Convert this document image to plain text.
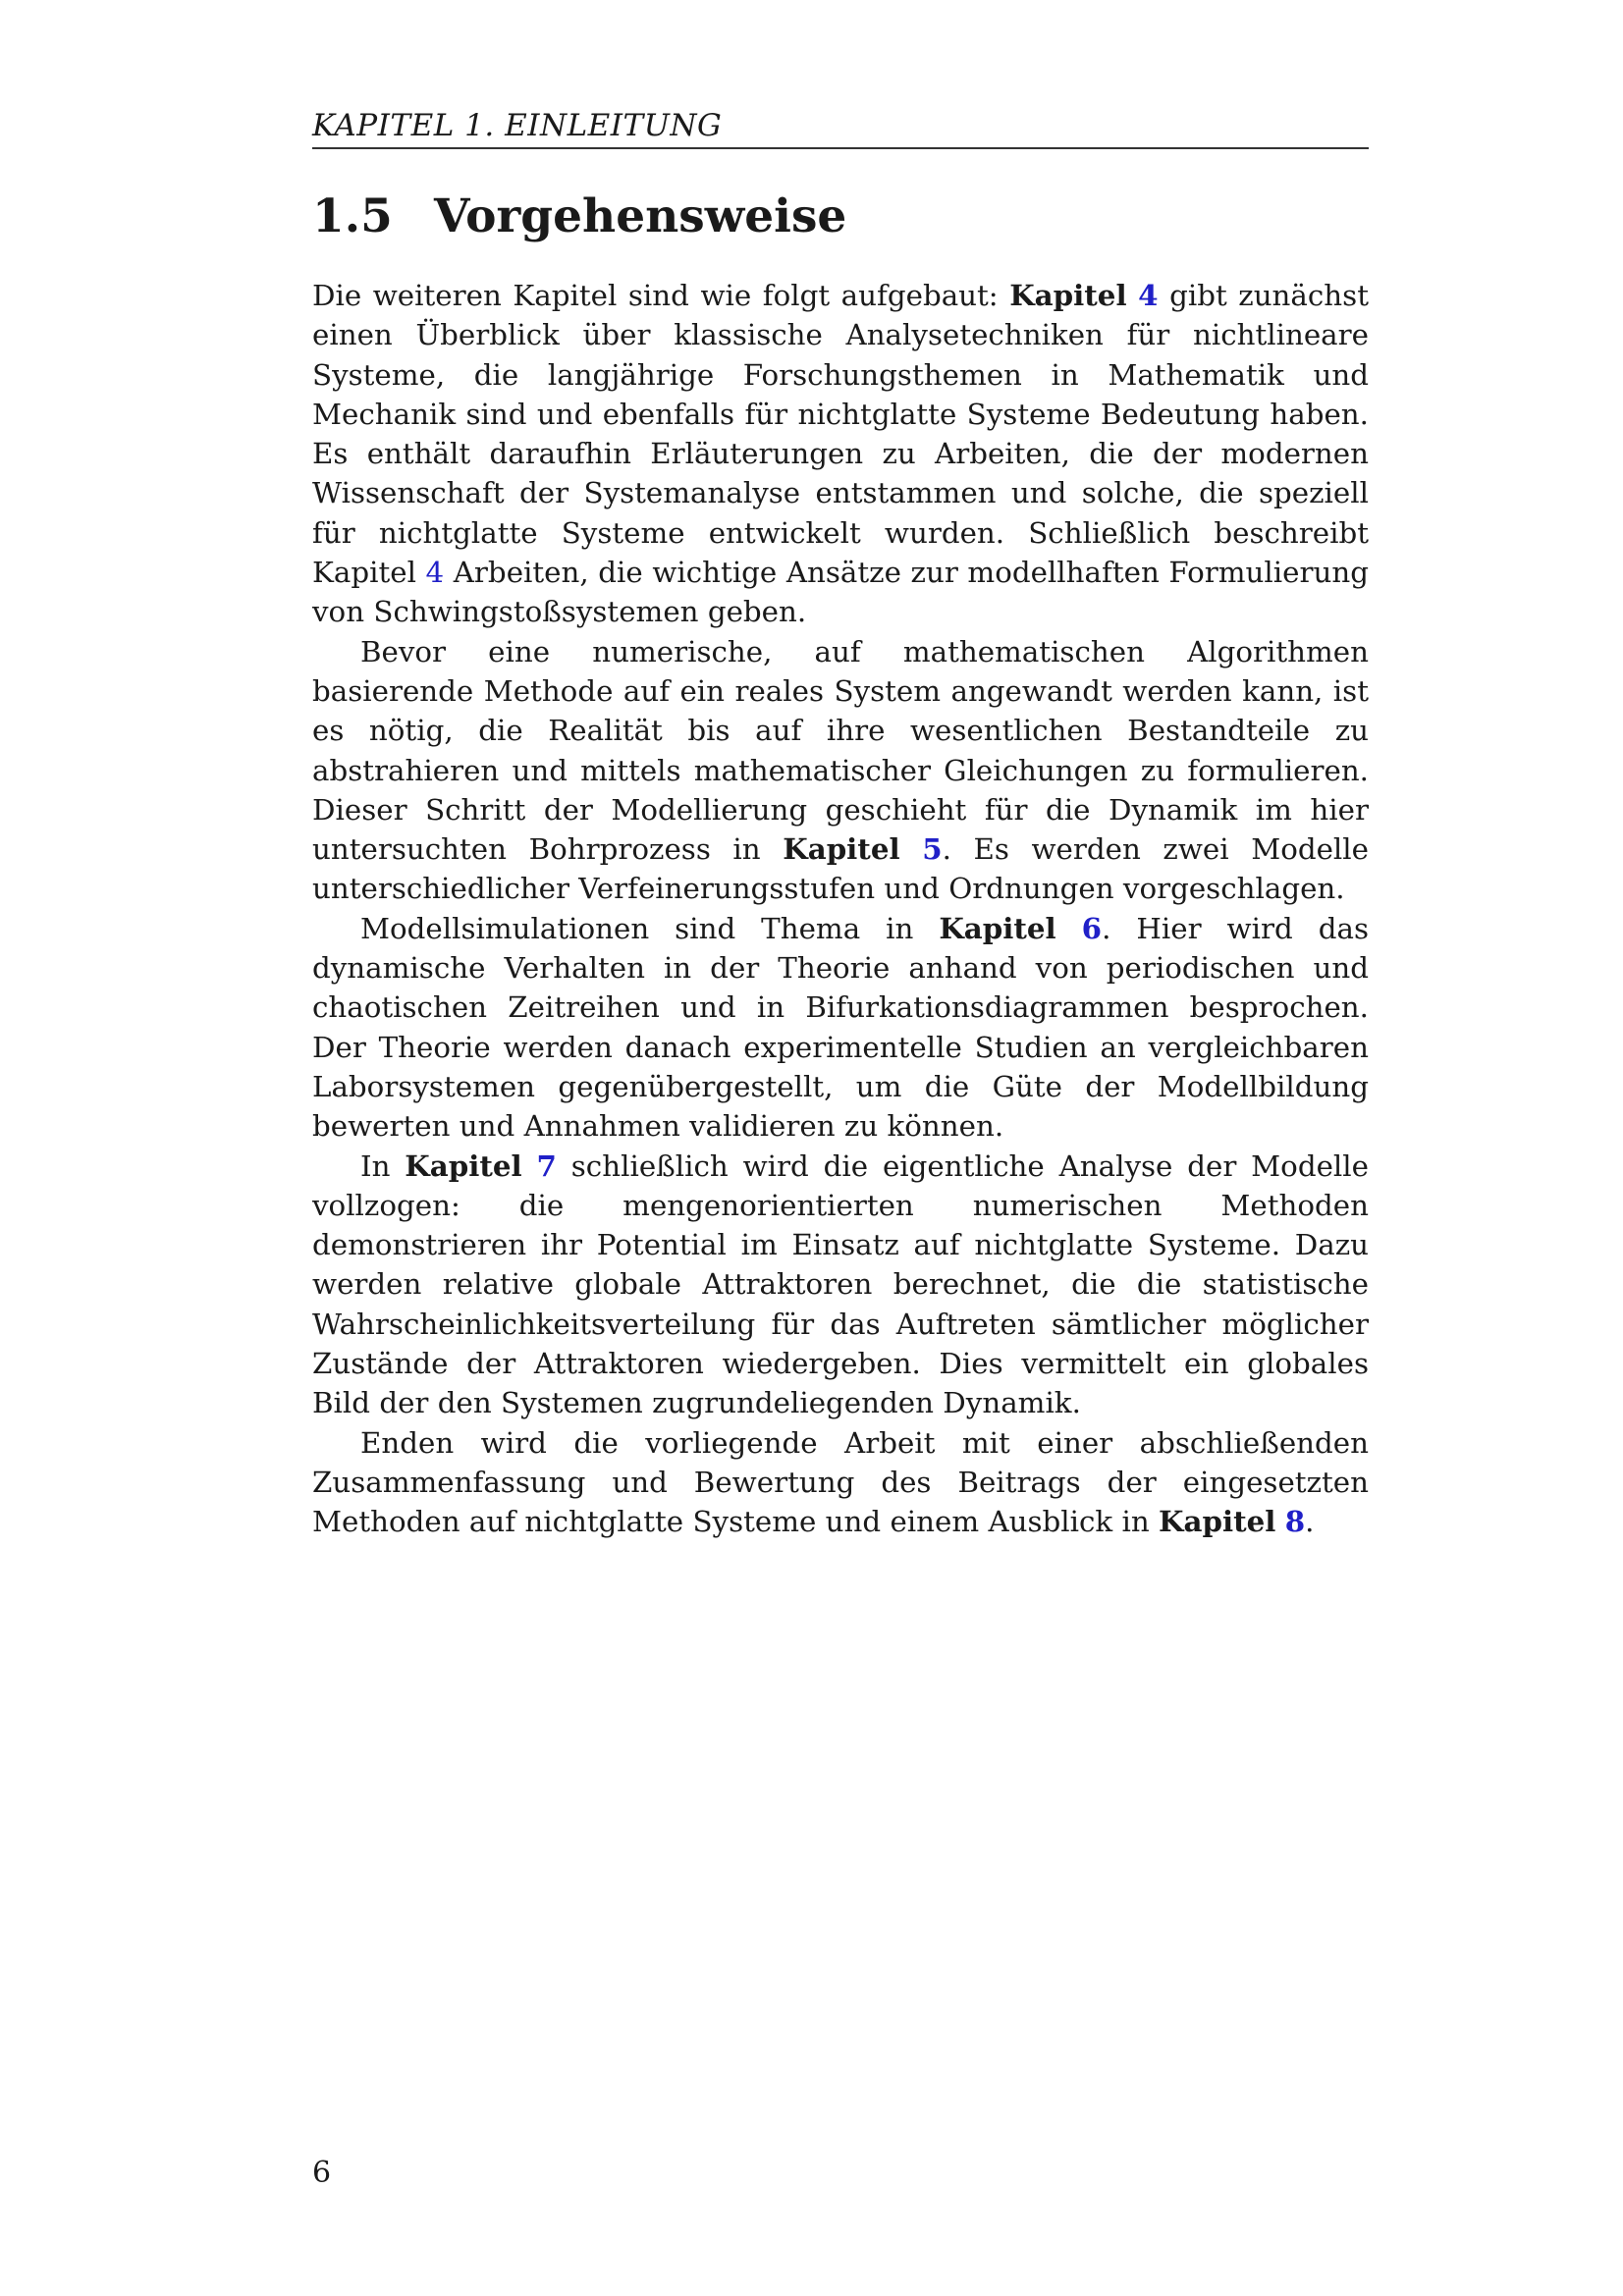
KAPITEL 1. EINLEITUNG
1.5 Vorgehensweise

Die weiteren Kapitel sind wie folgt aufgebaut: Kapitel 4 gibt zunächst einen Überblick über klassische Analysetechniken für nichtlineare Systeme, die langjährige Forschungsthemen in Mathematik und Mechanik sind und ebenfalls für nichtglatte Systeme Bedeutung haben. Es enthält daraufhin Erläuterungen zu Arbeiten, die der modernen Wissenschaft der Systemanalyse entstammen und solche, die speziell für nichtglatte Systeme entwickelt wurden. Schließlich beschreibt Kapitel 4 Arbeiten, die wichtige Ansätze zur modellhaften Formulierung von Schwingstoßsystemen geben.

Bevor eine numerische, auf mathematischen Algorithmen basierende Methode auf ein reales System angewandt werden kann, ist es nötig, die Realität bis auf ihre wesentlichen Bestandteile zu abstrahieren und mittels mathematischer Gleichungen zu formulieren. Dieser Schritt der Modellierung geschieht für die Dynamik im hier untersuchten Bohrprozess in Kapitel 5. Es werden zwei Modelle unterschiedlicher Verfeinerungsstufen und Ordnungen vorgeschlagen.

Modellsimulationen sind Thema in Kapitel 6. Hier wird das dynamische Verhalten in der Theorie anhand von periodischen und chaotischen Zeitreihen und in Bifurkationsdiagrammen besprochen. Der Theorie werden danach experimentelle Studien an vergleichbaren Laborsystemen gegenübergestellt, um die Güte der Modellbildung bewerten und Annahmen validieren zu können.

In Kapitel 7 schließlich wird die eigentliche Analyse der Modelle vollzogen: die mengenorientierten numerischen Methoden demonstrieren ihr Potential im Einsatz auf nichtglatte Systeme. Dazu werden relative globale Attraktoren berechnet, die die statistische Wahrscheinlichkeitsverteilung für das Auftreten sämtlicher möglicher Zustände der Attraktoren wiedergeben. Dies vermittelt ein globales Bild der den Systemen zugrundeliegenden Dynamik.

Enden wird die vorliegende Arbeit mit einer abschließenden Zusammenfassung und Bewertung des Beitrags der eingesetzten Methoden auf nichtglatte Systeme und einem Ausblick in Kapitel 8.

6
